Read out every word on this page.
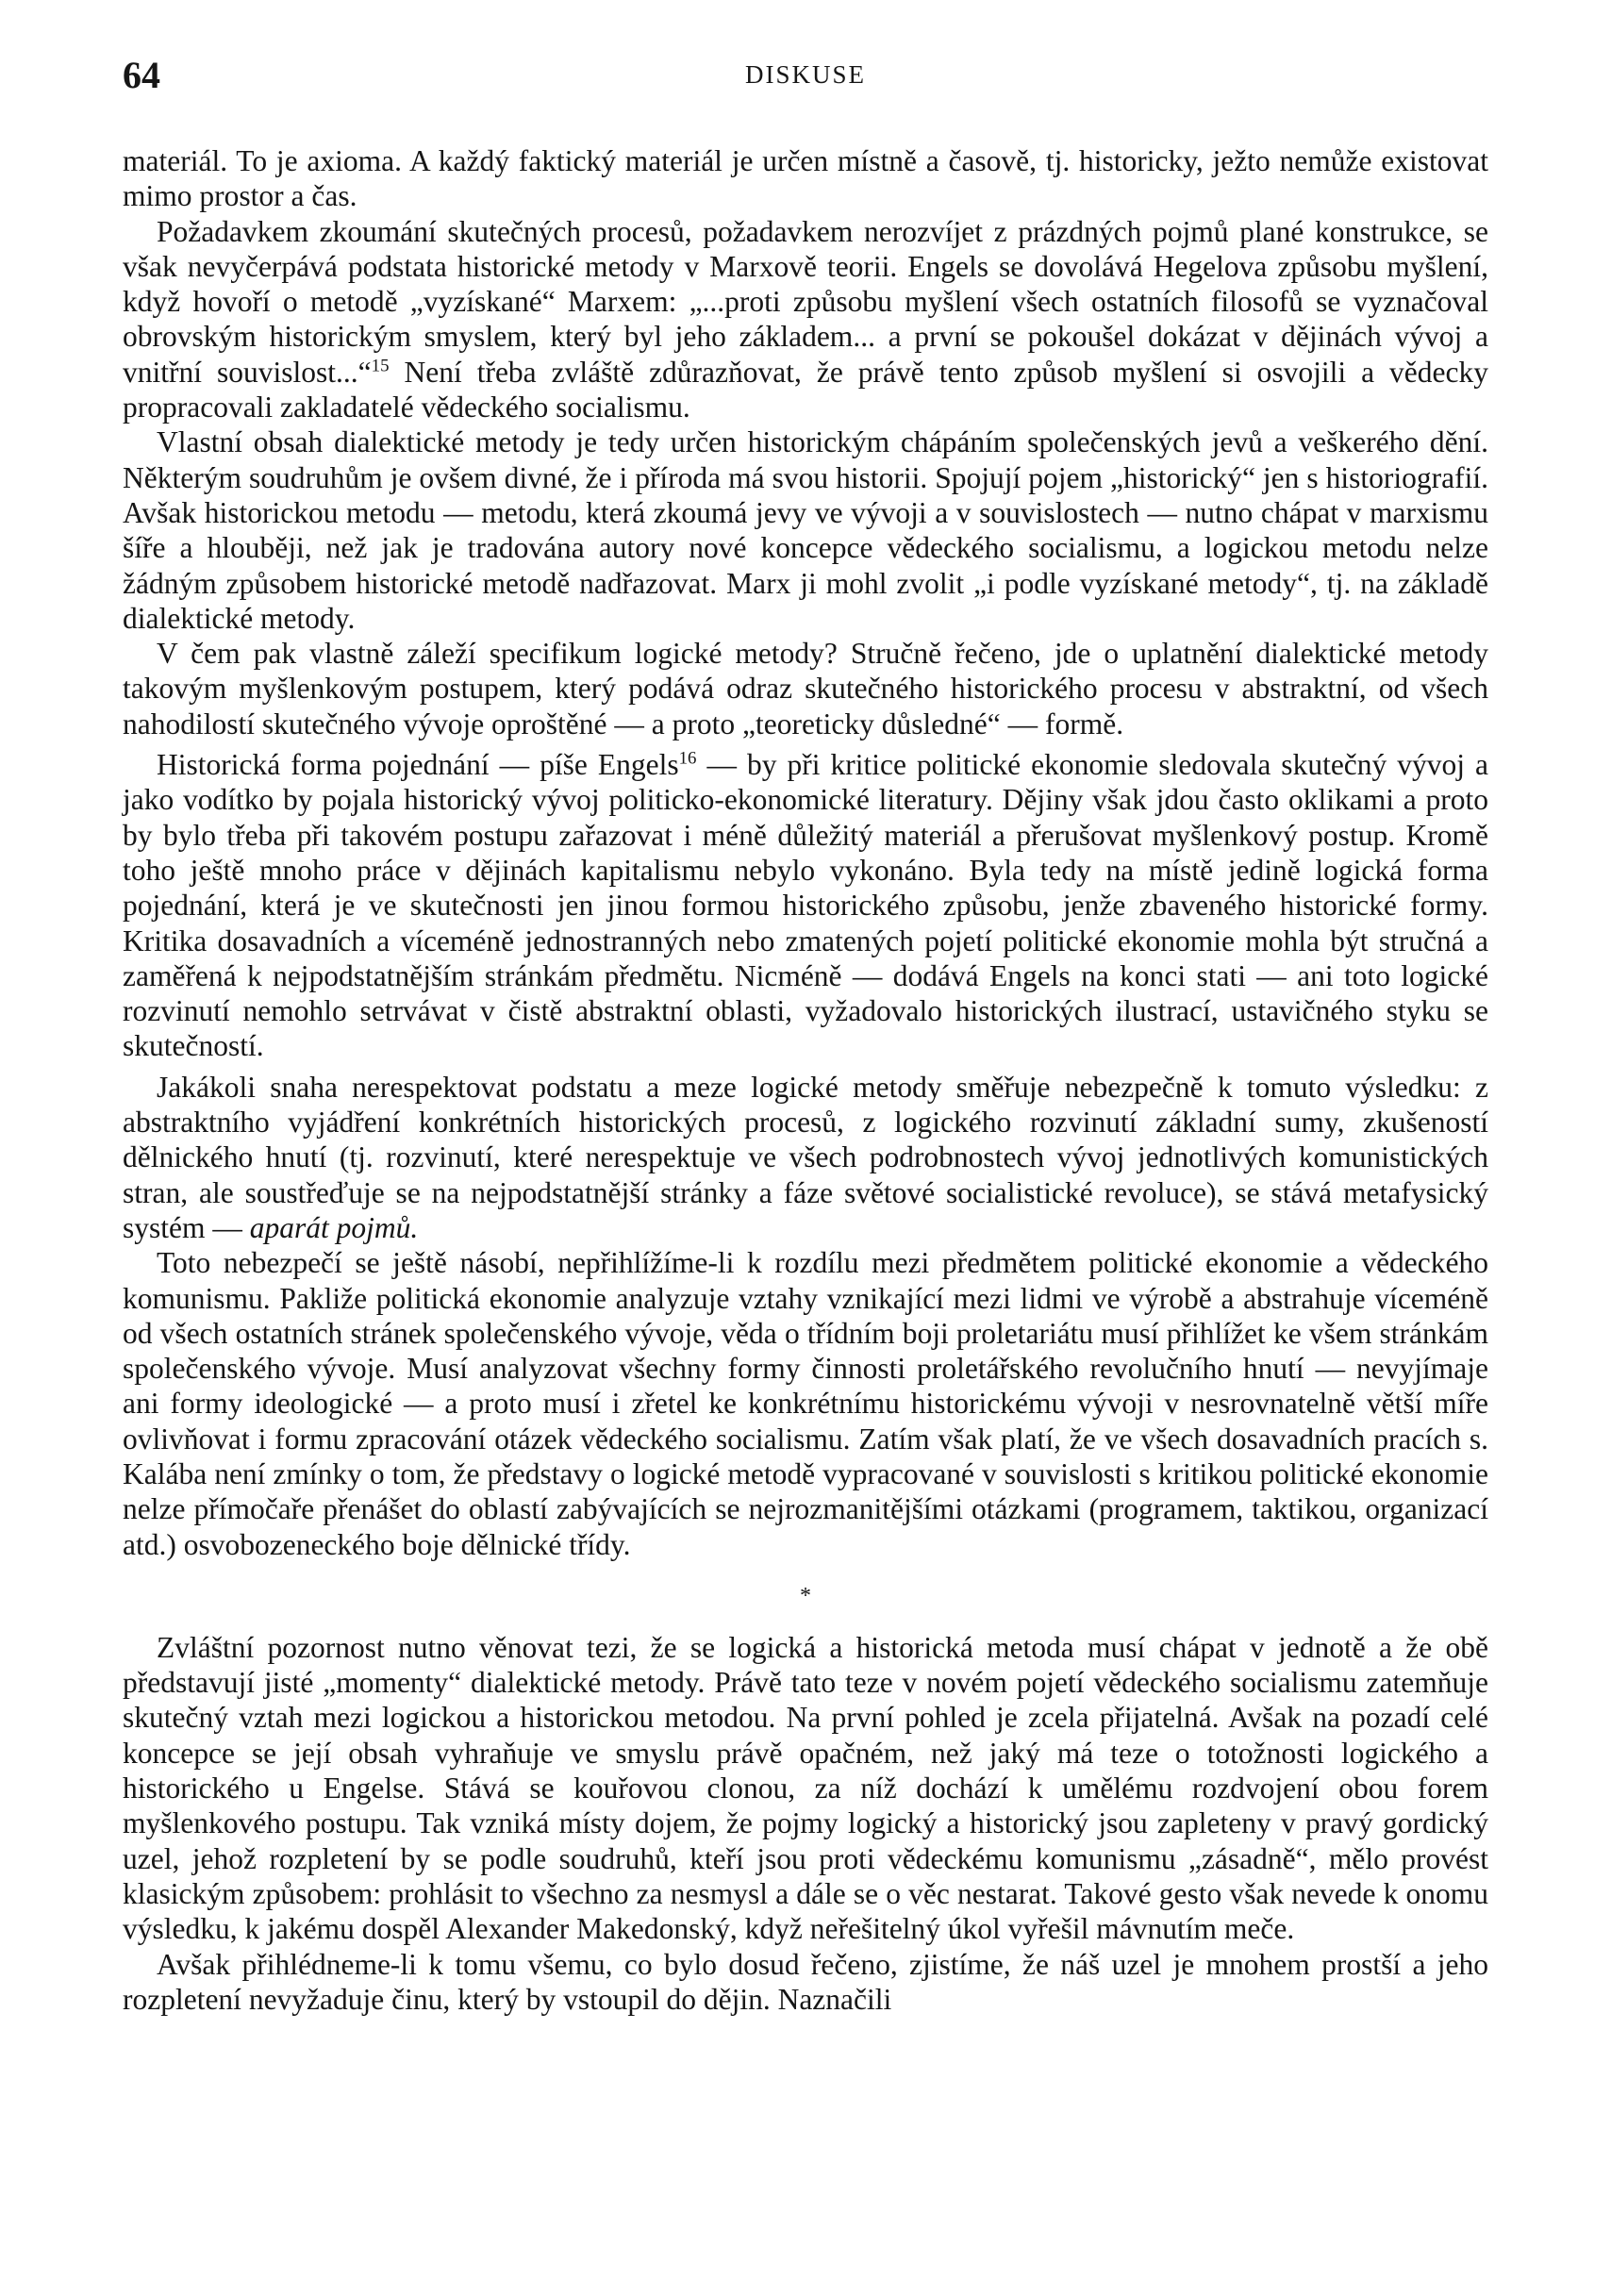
64	DISKUSE

materiál. To je axioma. A každý faktický materiál je určen místně a časově, tj. historicky, ježto nemůže existovat mimo prostor a čas.

Požadavkem zkoumání skutečných procesů, požadavkem nerozvíjet z prázdných pojmů plané konstrukce, se však nevyčerpává podstata historické metody v Marxově teorii. Engels se dovolává Hegelova způsobu myšlení, když hovoří o metodě „vyzískané“ Marxem: „...proti způsobu myšlení všech ostatních filosofů se vyznačoval obrovským historickým smyslem, který byl jeho základem... a první se pokoušel dokázat v dějinách vývoj a vnitřní souvislost...“$^{15}$ Není třeba zvláště zdůrazňovat, že právě tento způsob myšlení si osvojili a vědecky propracovali zakladatelé vědeckého socialismu.

Vlastní obsah dialektické metody je tedy určen historickým chápáním společenských jevů a veškerého dění. Některým soudruhům je ovšem divné, že i příroda má svou historii. Spojují pojem „historický“ jen s historiografií. Avšak historickou metodu — metodu, která zkoumá jevy ve vývoji a v souvislostech — nutno chápat v marxismu šíře a hlouběji, než jak je tradována autory nové koncepce vědeckého socialismu, a logickou metodu nelze žádným způsobem historické metodě nadřazovat. Marx ji mohl zvolit „i podle vyzískané metody“, tj. na základě dialektické metody.

V čem pak vlastně záleží specifikum logické metody? Stručně řečeno, jde o uplatnění dialektické metody takovým myšlenkovým postupem, který podává odraz skutečného historického procesu v abstraktní, od všech nahodilostí skutečného vývoje oproštěné — a proto „teoreticky důsledné“ — formě.

Historická forma pojednání — píše Engels$^{16}$ — by při kritice politické ekonomie sledovala skutečný vývoj a jako vodítko by pojala historický vývoj politicko-ekonomické literatury. Dějiny však jdou často oklikami a proto by bylo třeba při takovém postupu zařazovat i méně důležitý materiál a přerušovat myšlenkový postup. Kromě toho ještě mnoho práce v dějinách kapitalismu nebylo vykonáno. Byla tedy na místě jedině logická forma pojednání, která je ve skutečnosti jen jinou formou historického způsobu, jenže zbaveného historické formy. Kritika dosavadních a víceméně jednostranných nebo zmatených pojetí politické ekonomie mohla být stručná a zaměřená k nejpodstatnějším stránkám předmětu. Nicméně — dodává Engels na konci stati — ani toto logické rozvinutí nemohlo setrvávat v čistě abstraktní oblasti, vyžadovalo historických ilustrací, ustavičného styku se skutečností.

Jakákoli snaha nerespektovat podstatu a meze logické metody směřuje nebezpečně k tomuto výsledku: z abstraktního vyjádření konkrétních historických procesů, z logického rozvinutí základní sumy, zkušeností dělnického hnutí (tj. rozvinutí, které nerespektuje ve všech podrobnostech vývoj jednotlivých komunistických stran, ale soustřeďuje se na nejpodstatnější stránky a fáze světové socialistické revoluce), se stává metafysický systém — aparát pojmů.

Toto nebezpečí se ještě násobí, nepřihlížíme-li k rozdílu mezi předmětem politické ekonomie a vědeckého komunismu. Pakliže politická ekonomie analyzuje vztahy vznikající mezi lidmi ve výrobě a abstrahuje víceméně od všech ostatních stránek společenského vývoje, věda o třídním boji proletariátu musí přihlížet ke všem stránkám společenského vývoje. Musí analyzovat všechny formy činnosti proletářského revolučního hnutí — nevyjímaje ani formy ideologické — a proto musí i zřetel ke konkrétnímu historickému vývoji v nesrovnatelně větší míře ovlivňovat i formu zpracování otázek vědeckého socialismu. Zatím však platí, že ve všech dosavadních pracích s. Kalába není zmínky o tom, že představy o logické metodě vypracované v souvislosti s kritikou politické ekonomie nelze přímočaře přenášet do oblastí zabývajících se nejrozmanitějšími otázkami (programem, taktikou, organizací atd.) osvobozeneckého boje dělnické třídy.

*

Zvláštní pozornost nutno věnovat tezi, že se logická a historická metoda musí chápat v jednotě a že obě představují jisté „momenty“ dialektické metody. Právě tato teze v novém pojetí vědeckého socialismu zatemňuje skutečný vztah mezi logickou a historickou metodou. Na první pohled je zcela přijatelná. Avšak na pozadí celé koncepce se její obsah vyhraňuje ve smyslu právě opačném, než jaký má teze o totožnosti logického a historického u Engelse. Stává se kouřovou clonou, za níž dochází k umělému rozdvojení obou forem myšlenkového postupu. Tak vzniká místy dojem, že pojmy logický a historický jsou zapleteny v pravý gordický uzel, jehož rozpletení by se podle soudruhů, kteří jsou proti vědeckému komunismu „zásadně“, mělo provést klasickým způsobem: prohlásit to všechno za nesmysl a dále se o věc nestarat. Takové gesto však nevede k onomu výsledku, k jakému dospěl Alexander Makedonský, když neřešitelný úkol vyřešil mávnutím meče.

Avšak přihlédneme-li k tomu všemu, co bylo dosud řečeno, zjistíme, že náš uzel je mnohem prostší a jeho rozpletení nevyžaduje činu, který by vstoupil do dějin. Naznačili
